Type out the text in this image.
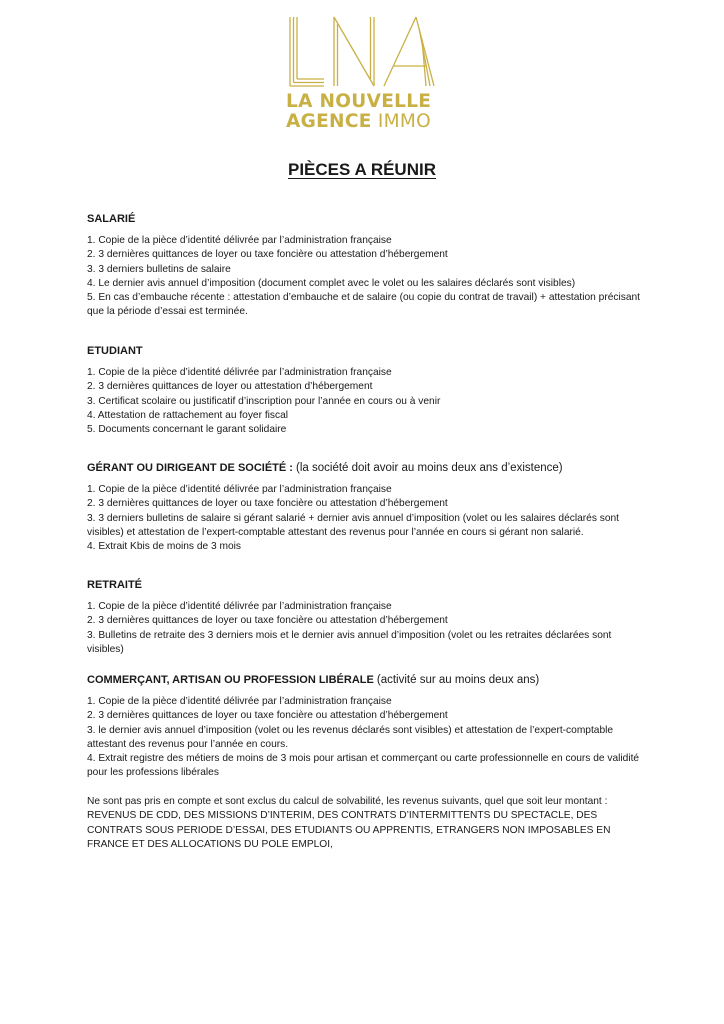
LA NOUVELLE
AGENCE IMMO
PIÈCES A RÉUNIR
SALARIÉ
1. Copie de la pièce d’identité délivrée par l’administration française
2. 3 dernières quittances de loyer ou taxe foncière ou attestation d’hébergement
3. 3 derniers bulletins de salaire
4. Le dernier avis annuel d’imposition (document complet avec le volet ou les salaires déclarés sont visibles)
5. En cas d’embauche récente : attestation d’embauche et de salaire (ou copie du contrat de travail) + attestation précisant que la période d’essai est terminée.
ETUDIANT
1. Copie de la pièce d’identité délivrée par l’administration française
2. 3 dernières quittances de loyer ou attestation d’hébergement
3. Certificat scolaire ou justificatif d’inscription pour l’année en cours ou à venir
4. Attestation de rattachement au foyer fiscal
5. Documents concernant le garant solidaire
GÉRANT OU DIRIGEANT DE SOCIÉTÉ : (la société doit avoir au moins deux ans d’existence)
1. Copie de la pièce d’identité délivrée par l’administration française
2. 3 dernières quittances de loyer ou taxe foncière ou attestation d’hébergement
3. 3 derniers bulletins de salaire si gérant salarié + dernier avis annuel d’imposition (volet ou les salaires déclarés sont visibles) et attestation de l’expert-comptable attestant des revenus pour l’année en cours si gérant non salarié.
4. Extrait Kbis de moins de 3 mois
RETRAITÉ
1. Copie de la pièce d’identité délivrée par l’administration française
2. 3 dernières quittances de loyer ou taxe foncière ou attestation d’hébergement
3. Bulletins de retraite des 3 derniers mois et le dernier avis annuel d’imposition (volet ou les retraites déclarées sont visibles)
COMMERÇANT, ARTISAN OU PROFESSION LIBÉRALE (activité sur au moins deux ans)
1. Copie de la pièce d’identité délivrée par l’administration française
2. 3 dernières quittances de loyer ou taxe foncière ou attestation d’hébergement
3. le dernier avis annuel d’imposition (volet ou les revenus déclarés sont visibles) et attestation de l’expert-comptable attestant des revenus pour l’année en cours.
4. Extrait registre des métiers de moins de 3 mois pour artisan et commerçant ou carte professionnelle en cours de validité pour les professions libérales

Ne sont pas pris en compte et sont exclus du calcul de solvabilité, les revenus suivants, quel que soit leur montant :

REVENUS DE CDD, DES MISSIONS D’INTERIM, DES CONTRATS D’INTERMITTENTS DU SPECTACLE, DES CONTRATS SOUS PERIODE D’ESSAI, DES ETUDIANTS OU APPRENTIS, ETRANGERS NON IMPOSABLES EN FRANCE ET DES ALLOCATIONS DU POLE EMPLOI,
